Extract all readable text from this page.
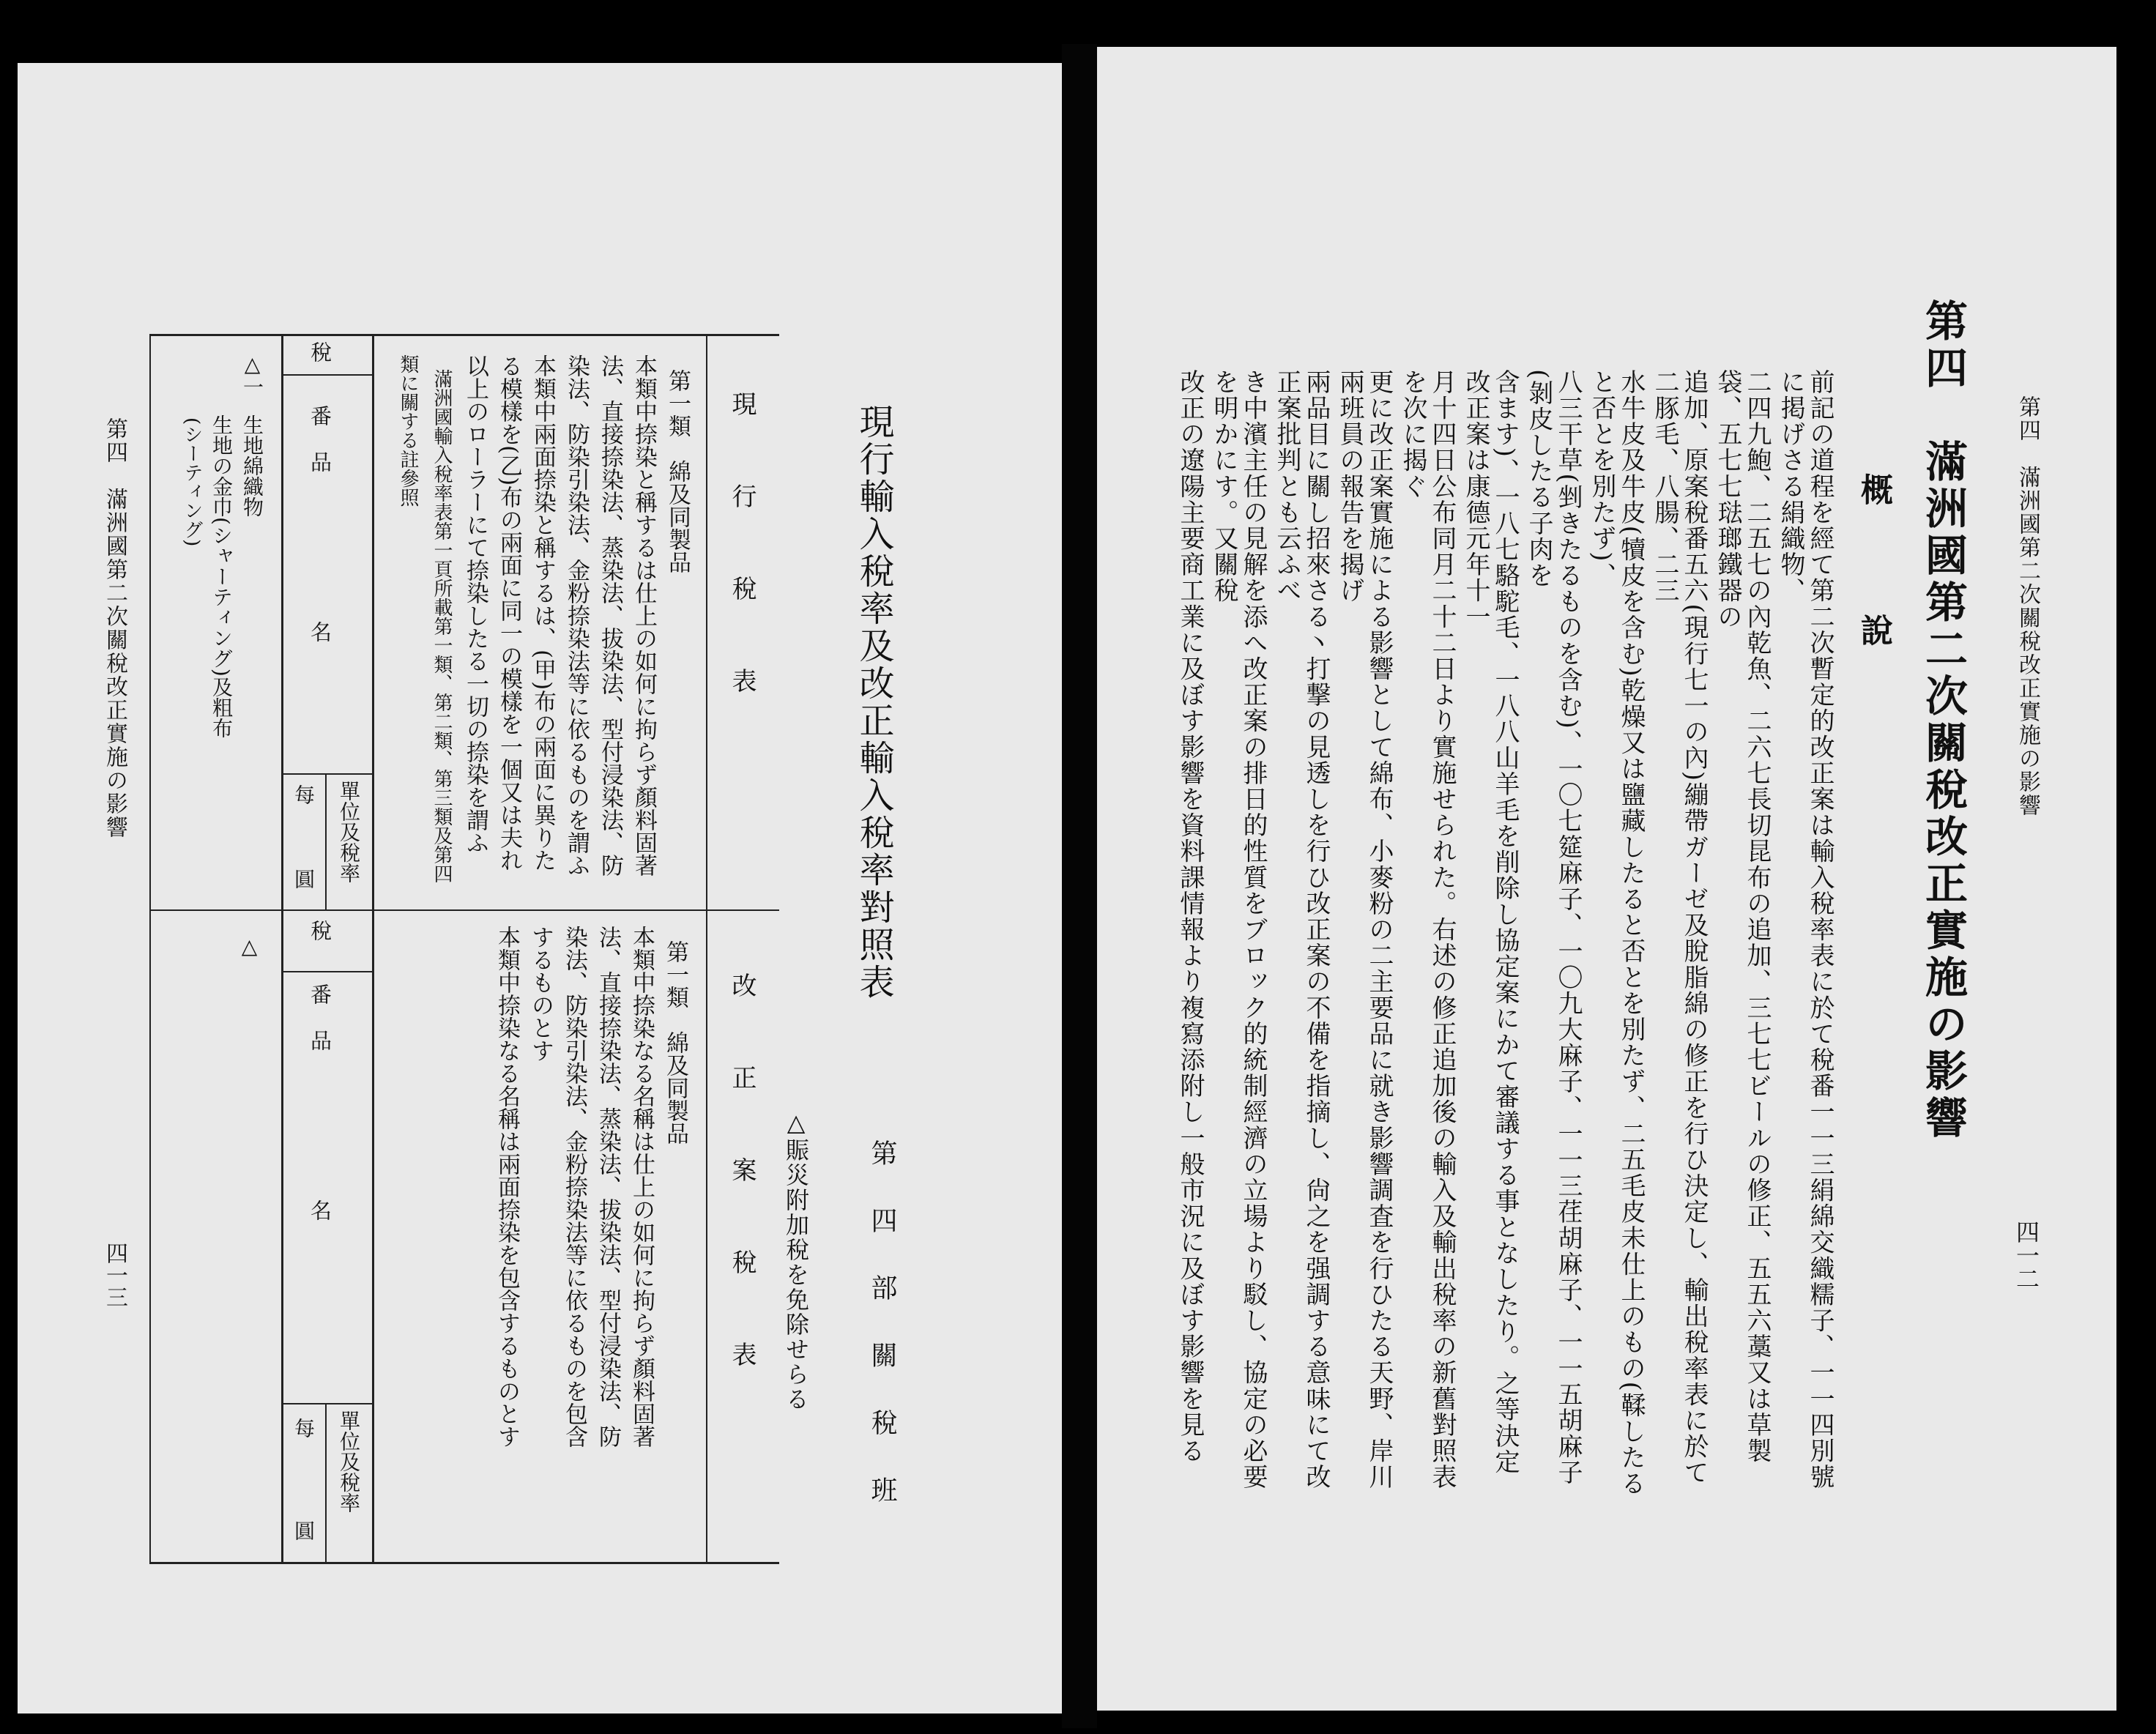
第四　滿洲國第二次關稅改正實施の影響
四一二
第四　滿洲國第二次關稅改正實施の影響
概　　說
前記の道程を經て第二次暫定的改正案は輸入稅率表に於て稅番一一三絹綿交織糯子、一一四別號に掲げさる絹織物、
二四九鮑、二五七の內乾魚、二六七長切昆布の追加、三七七ビールの修正、五五六藁又は草製袋、五七七琺瑯鐵器の
追加、原案稅番五六(現行七一の內)繃帶ガーゼ及脫脂綿の修正を行ひ決定し、輸出稅率表に於て二豚毛、八腸、二三
水牛皮及牛皮(犢皮を含む)乾燥又は鹽藏したると否とを別たず、二五毛皮未仕上のもの(鞣したると否とを別たず)、
八三干草(剉きたるものを含む)、一〇七筵麻子、一〇九大麻子、一一三荏胡麻子、一一五胡麻子(剝皮したる子肉を
含ます)、一八七駱駝毛、一八八山羊毛を削除し協定案にかて審議する事となしたり。之等決定改正案は康德元年十一
月十四日公布同月二十二日より實施せられた。右述の修正追加後の輸入及輸出稅率の新舊對照表を次に揭ぐ
更に改正案實施による影響として綿布、小麥粉の二主要品に就き影響調査を行ひたる天野、岸川兩班員の報告を揭げ
兩品目に關し招來さる丶打撃の見透しを行ひ改正案の不備を指摘し、尙之を强調する意味にて改正案批判とも云ふべ
き中濱主任の見解を添へ改正案の排日的性質をブロック的統制經濟の立場より駁し、協定の必要を明かにす。又關稅
改正の遼陽主要商工業に及ぼす影響を資料課情報より複寫添附し一般市況に及ぼす影響を見る
現行輸入稅率及改正輸入稅率對照表
第　四　部　關　稅　班
△賑災附加稅を免除せらる
現　　行　　稅　　表
改　　正　　案　　稅　　表
第一類　綿及同製品
本類中捺染と稱するは仕上の如何に拘らず顏料固著
法、直接捺染法、蒸染法、拔染法、型付浸染法、防
染法、防染引染法、金粉捺染法等に依るものを謂ふ
本類中兩面捺染と稱するは、(甲)布の兩面に異りた
る模樣を(乙)布の兩面に同一の模樣を一個又は夫れ
以上のローラーにて捺染したる一切の捺染を謂ふ
滿洲國輸入稅率表第一頁所載第一類、第二類、第三類及第四
類に關する註參照
第一類　綿及同製品
本類中捺染なる名稱は仕上の如何に拘らず顏料固著
法、直接捺染法、蒸染法、拔染法、型付浸染法、防
染法、防染引染法、金粉捺染法等に依るものを包含
するものとす
本類中捺染なる名稱は兩面捺染を包含するものとす
稅　　番
品　　　　　　　名
單位及稅率
每
圓
稅　　番
品　　　　　　　名
單位及稅率
每
圓
△一
△
生地綿織物
生地の金巾(シャーティング)及粗布
(シーティング)
第四　滿洲國第二次關稅改正實施の影響
四一三
